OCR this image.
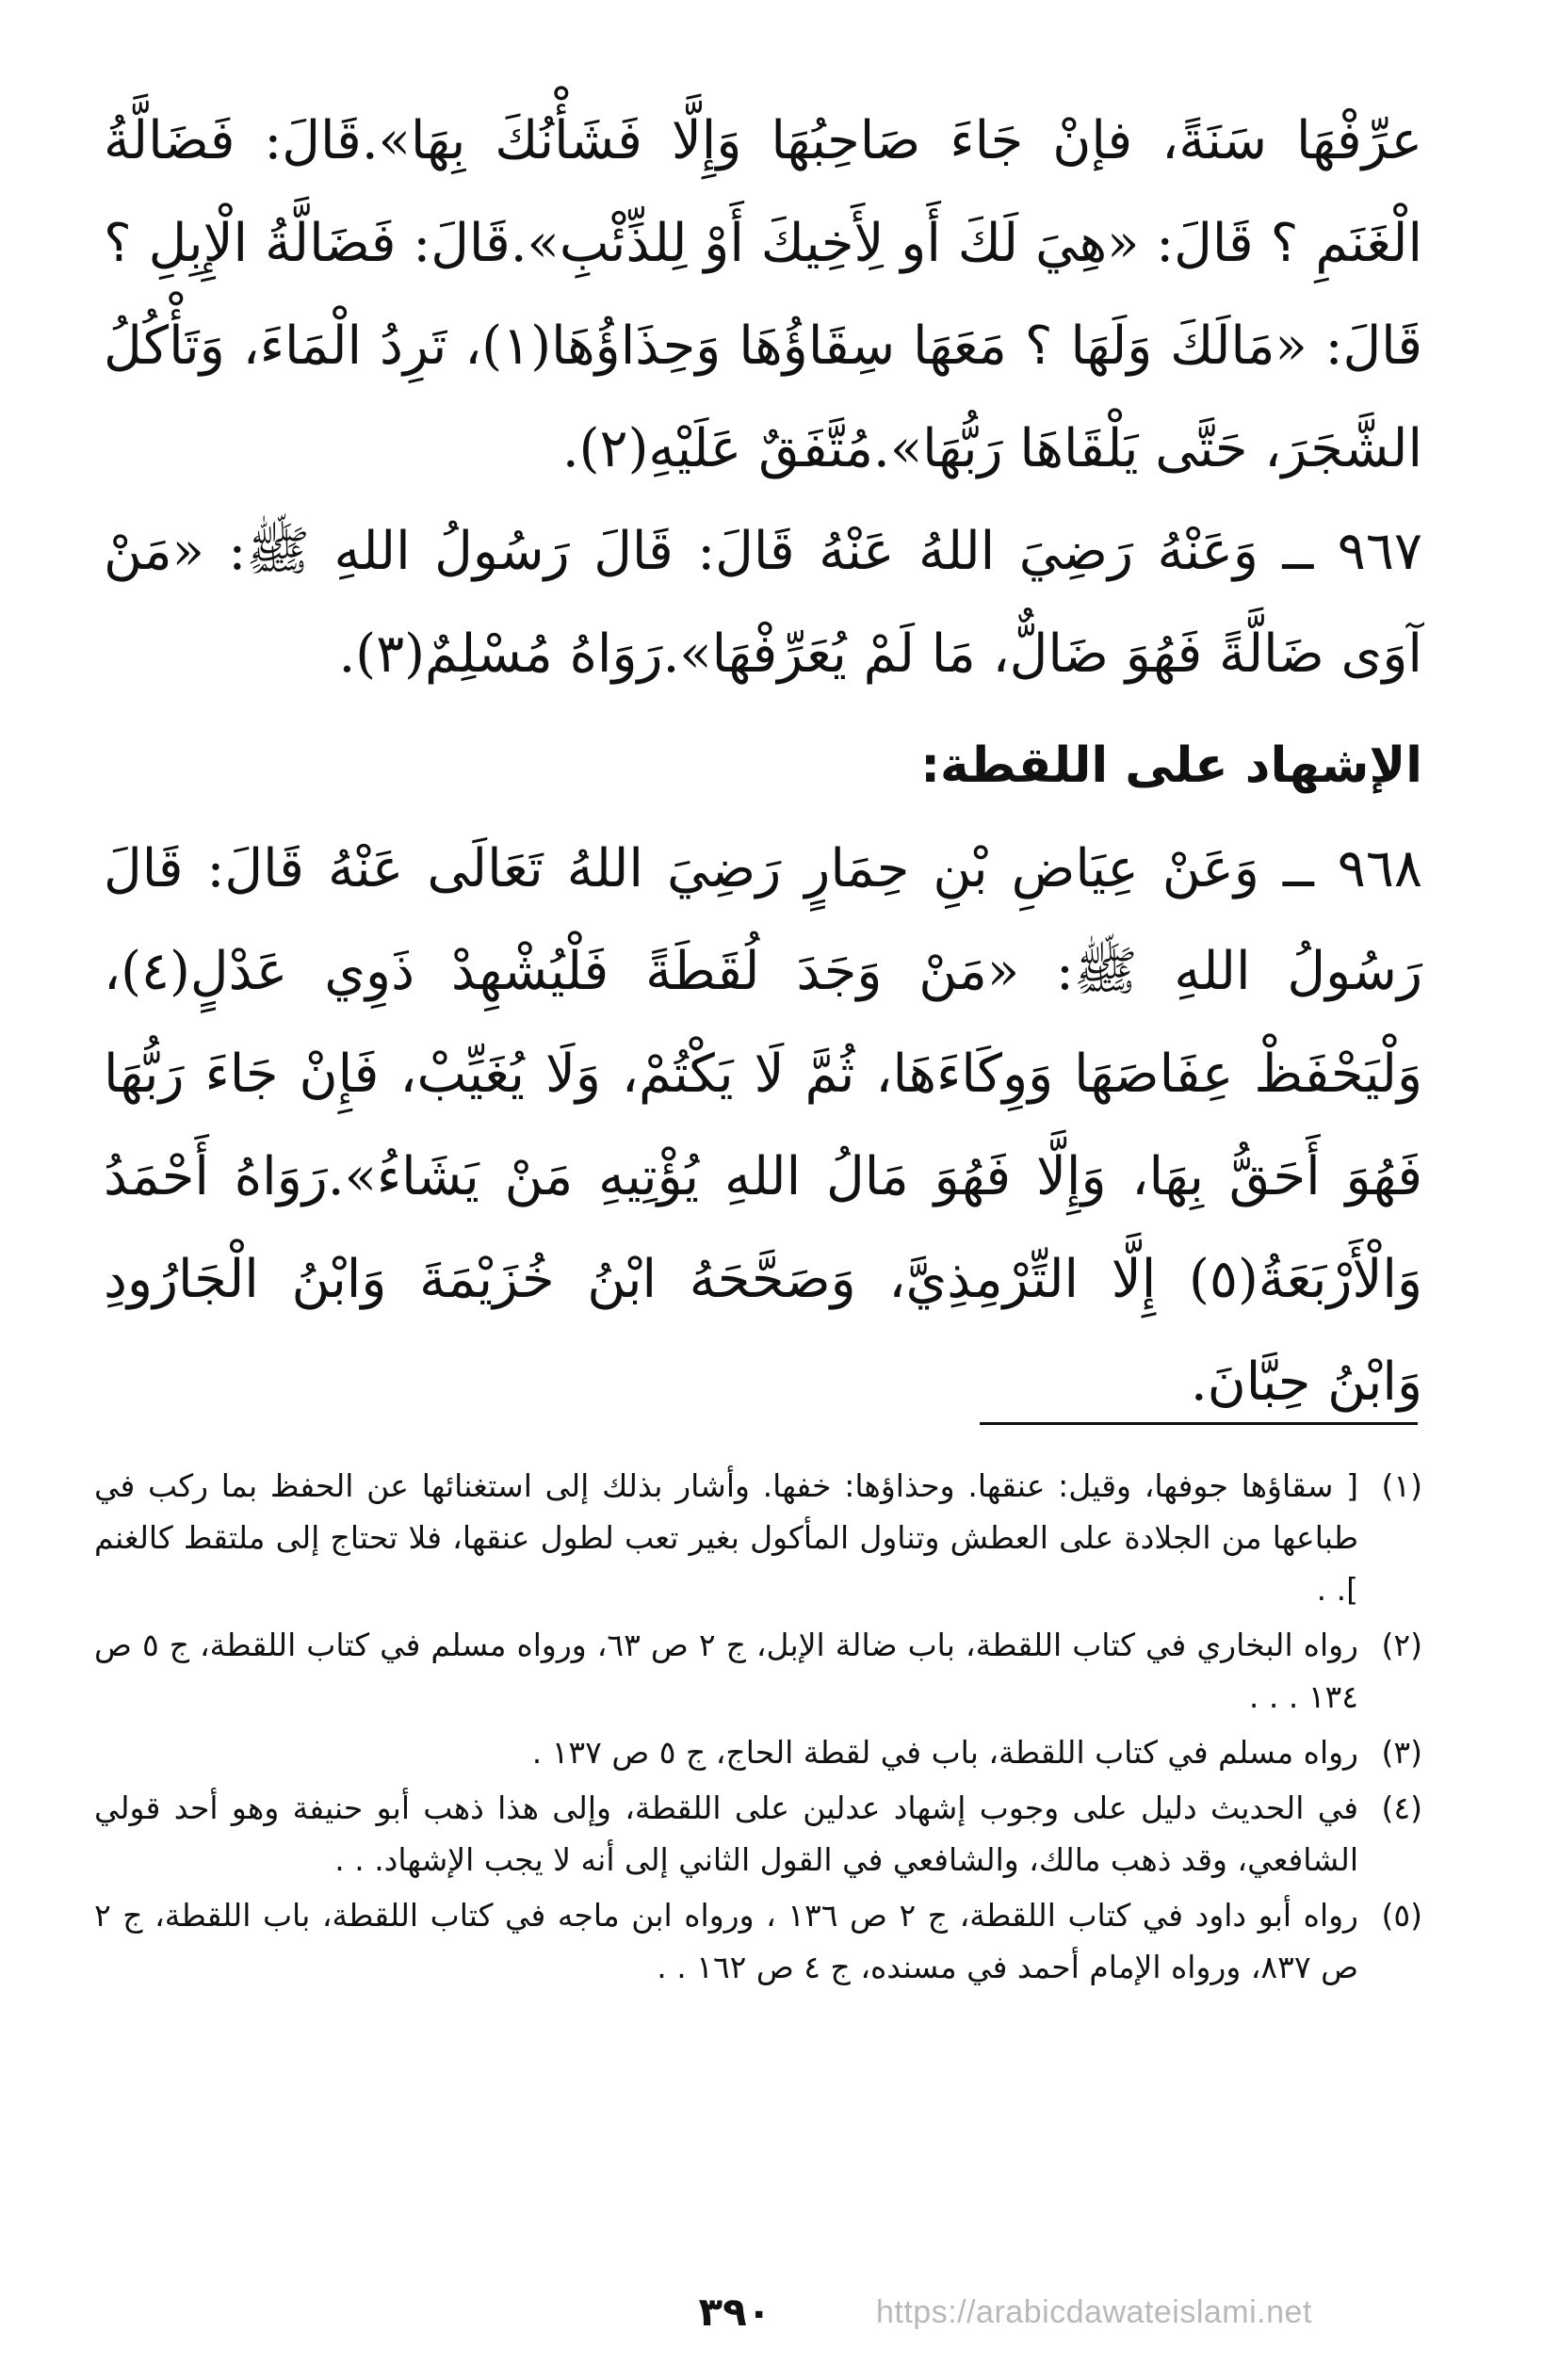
عرِّفْهَا سَنَةً، فإنْ جَاءَ صَاحِبُهَا وَإِلَّا فَشَأْنُكَ بِهَا».قَالَ: فَضَالَّةُ الْغَنَمِ ؟ قَالَ: «هِيَ لَكَ أَو لِأَخِيكَ أَوْ لِلذِّئْبِ».قَالَ: فَضَالَّةُ الْإِبِلِ ؟ قَالَ: «مَالَكَ وَلَهَا ؟ مَعَهَا سِقَاؤُهَا وَحِذَاؤُهَا(١)، تَرِدُ الْمَاءَ، وَتَأْكُلُ الشَّجَرَ، حَتَّى يَلْقَاهَا رَبُّهَا».مُتَّفَقٌ عَلَيْهِ(٢).

٩٦٧ ــ وَعَنْهُ رَضِيَ اللهُ عَنْهُ قَالَ: قَالَ رَسُولُ اللهِ ﷺ: «مَنْ آوَى ضَالَّةً فَهُوَ ضَالٌّ، مَا لَمْ يُعَرِّفْهَا».رَوَاهُ مُسْلِمٌ(٣).

الإشهاد على اللقطة:

٩٦٨ ــ وَعَنْ عِيَاضِ بْنِ حِمَارٍ رَضِيَ اللهُ تَعَالَى عَنْهُ قَالَ: قَالَ رَسُولُ اللهِ ﷺ: «مَنْ وَجَدَ لُقَطَةً فَلْيُشْهِدْ ذَوِي عَدْلٍ(٤)، وَلْيَحْفَظْ عِفَاصَهَا وَوِكَاءَهَا، ثُمَّ لَا يَكْتُمْ، وَلَا يُغَيِّبْ، فَإِنْ جَاءَ رَبُّهَا فَهُوَ أَحَقُّ بِهَا، وَإِلَّا فَهُوَ مَالُ اللهِ يُؤْتِيهِ مَنْ يَشَاءُ».رَوَاهُ أَحْمَدُ وَالْأَرْبَعَةُ(٥) إِلَّا التِّرْمِذِيَّ، وَصَحَّحَهُ ابْنُ خُزَيْمَةَ وَابْنُ الْجَارُودِ وَابْنُ حِبَّانَ.

(١)
[ سقاؤها جوفها، وقيل: عنقها. وحذاؤها: خفها. وأشار بذلك إلى استغنائها عن الحفظ بما ركب في طباعها من الجلادة على العطش وتناول المأكول بغير تعب لطول عنقها، فلا تحتاج إلى ملتقط كالغنم ]. .
(٢)
رواه البخاري في كتاب اللقطة، باب ضالة الإبل، ج ٢ ص ٦٣، ورواه مسلم في كتاب اللقطة، ج ٥ ص ١٣٤ . . .
(٣)
رواه مسلم في كتاب اللقطة، باب في لقطة الحاج، ج ٥ ص ١٣٧ .
(٤)
في الحديث دليل على وجوب إشهاد عدلين على اللقطة، وإلى هذا ذهب أبو حنيفة وهو أحد قولي الشافعي، وقد ذهب مالك، والشافعي في القول الثاني إلى أنه لا يجب الإشهاد. . .
(٥)
رواه أبو داود في كتاب اللقطة، ج ٢ ص ١٣٦ ، ورواه ابن ماجه في كتاب اللقطة، باب اللقطة، ج ٢ ص ٨٣٧، ورواه الإمام أحمد في مسنده، ج ٤ ص ١٦٢ . .
٣٩٠	https://arabicdawateislami.net
